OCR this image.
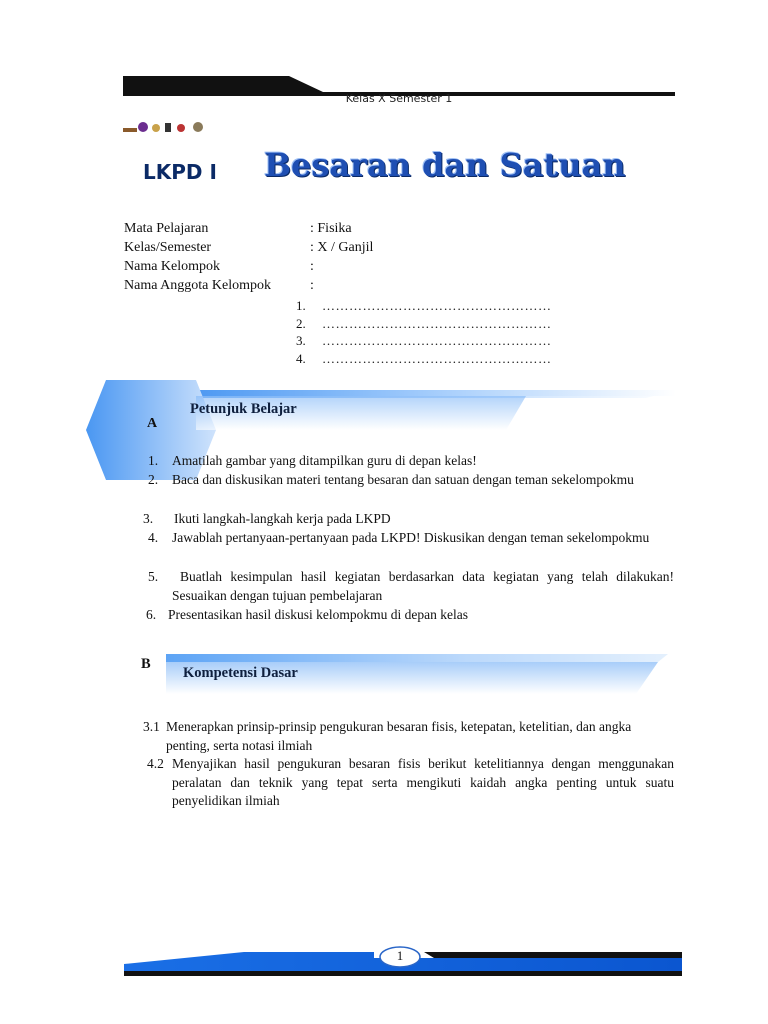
Kelas X Semester 1
LKPD I Besaran dan Satuan
Mata Pelajaran	: Fisika
Kelas/Semester	: X / Ganjil
Nama Kelompok	:
Nama Anggota Kelompok	:
1.	……………………………………………
2.	……………………………………………
3.	……………………………………………
4.	……………………………………………
Petunjuk Belajar
A
1. Amatilah gambar yang ditampilkan guru di depan kelas!
2. Baca dan diskusikan materi tentang besaran dan satuan dengan teman sekelompokmu
3. Ikuti langkah-langkah kerja pada LKPD
4. Jawablah pertanyaan-pertanyaan pada LKPD! Diskusikan dengan teman sekelompokmu
5.	Buatlah kesimpulan hasil kegiatan berdasarkan data kegiatan yang telah dilakukan! Sesuaikan dengan tujuan pembelajaran
6. Presentasikan hasil diskusi kelompokmu di depan kelas
B
Kompetensi Dasar
3.1 Menerapkan prinsip-prinsip pengukuran besaran fisis, ketepatan, ketelitian, dan angka penting, serta notasi ilmiah
4.2 Menyajikan hasil pengukuran besaran fisis berikut ketelitiannya dengan menggunakan peralatan dan teknik yang tepat serta mengikuti kaidah angka penting untuk suatu penyelidikan ilmiah
1
